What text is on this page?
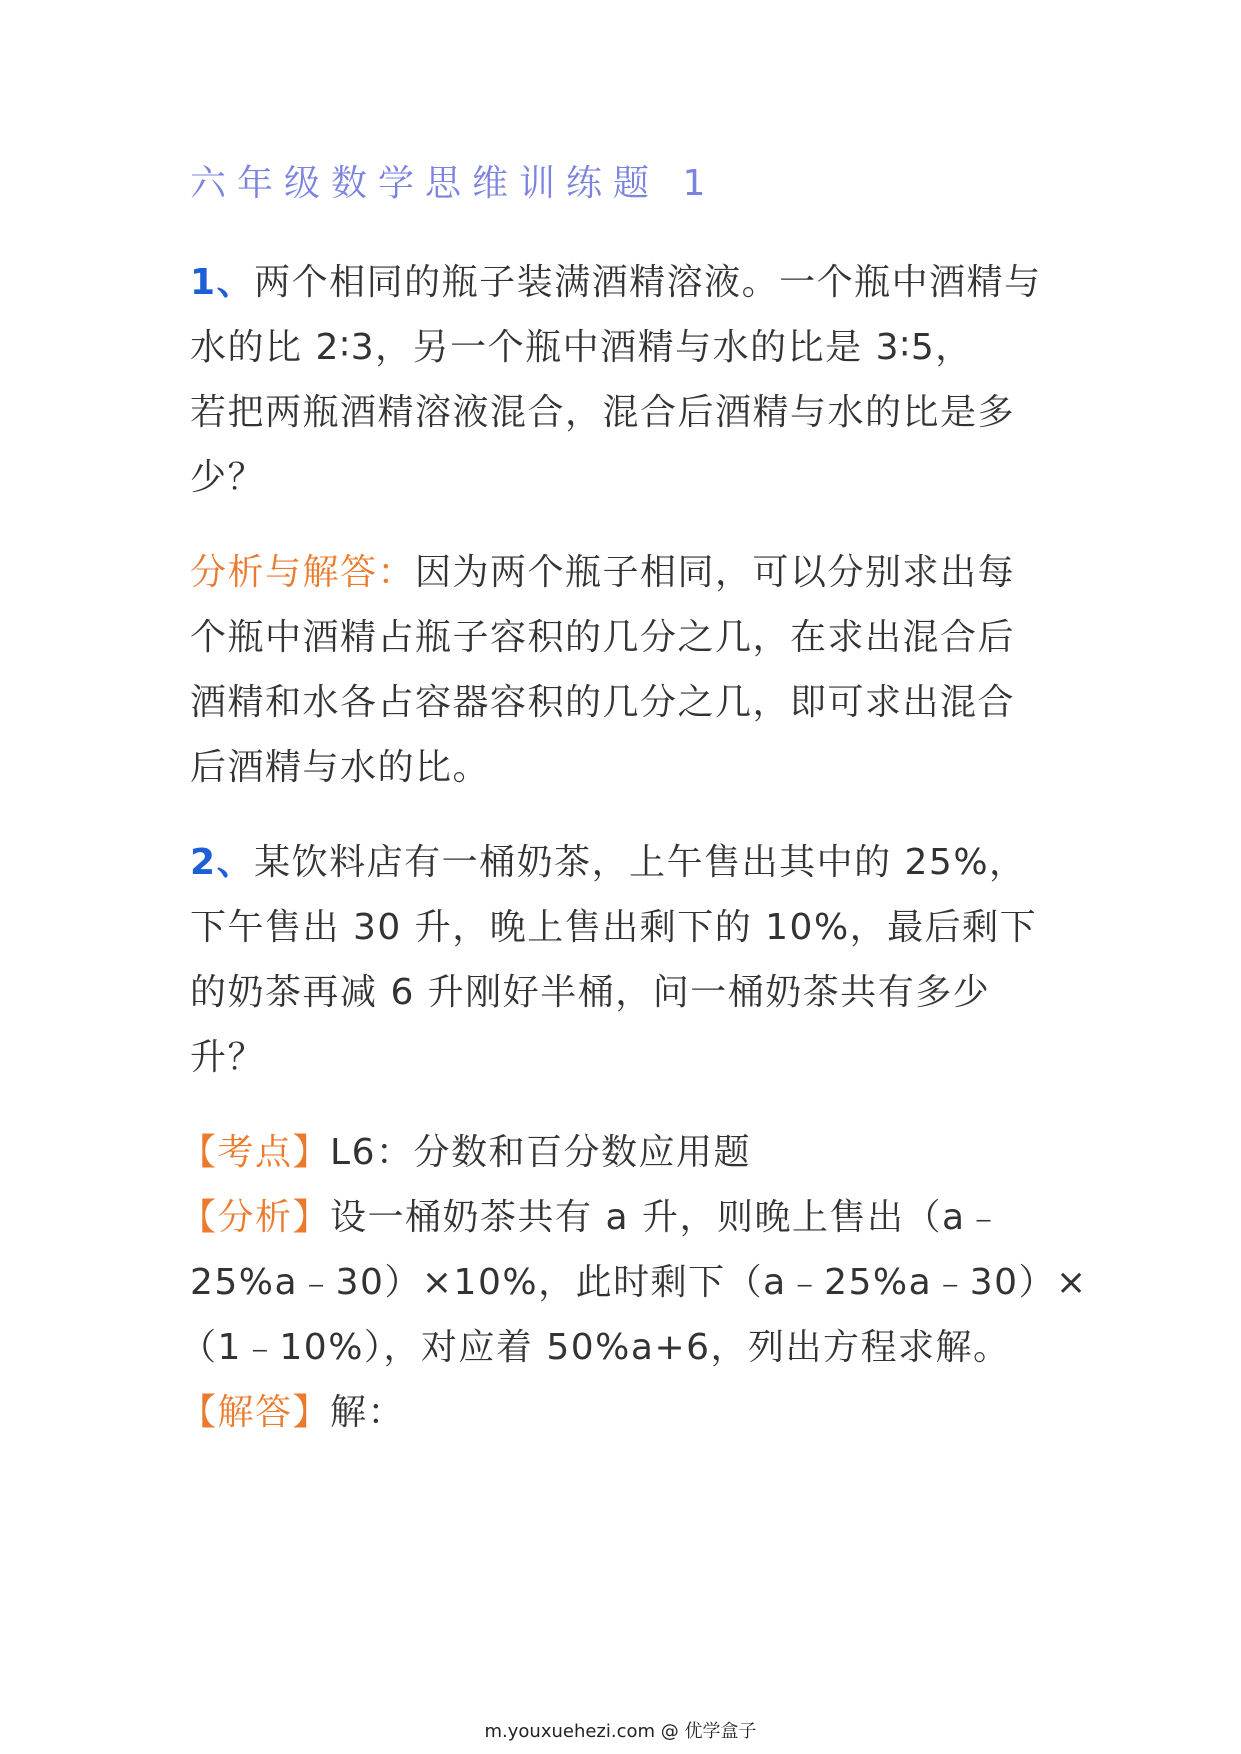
六年级数学思维训练题 1

1、两个相同的瓶子装满酒精溶液。一个瓶中酒精与

水的比 2∶3，另一个瓶中酒精与水的比是 3∶5，

若把两瓶酒精溶液混合，混合后酒精与水的比是多

少？

分析与解答：因为两个瓶子相同，可以分别求出每

个瓶中酒精占瓶子容积的几分之几，在求出混合后

酒精和水各占容器容积的几分之几，即可求出混合

后酒精与水的比。

2、某饮料店有一桶奶茶，上午售出其中的 25%，

下午售出 30 升，晚上售出剩下的 10%，最后剩下

的奶茶再减 6 升刚好半桶，问一桶奶茶共有多少

升？

【考点】L6：分数和百分数应用题

【分析】设一桶奶茶共有 a 升，则晚上售出（a﹣

25%a﹣30）×10%，此时剩下（a﹣25%a﹣30）×

（1﹣10%），对应着 50%a+6，列出方程求解。

【解答】解：

m.youxuehezi.com @ 优学盒子
